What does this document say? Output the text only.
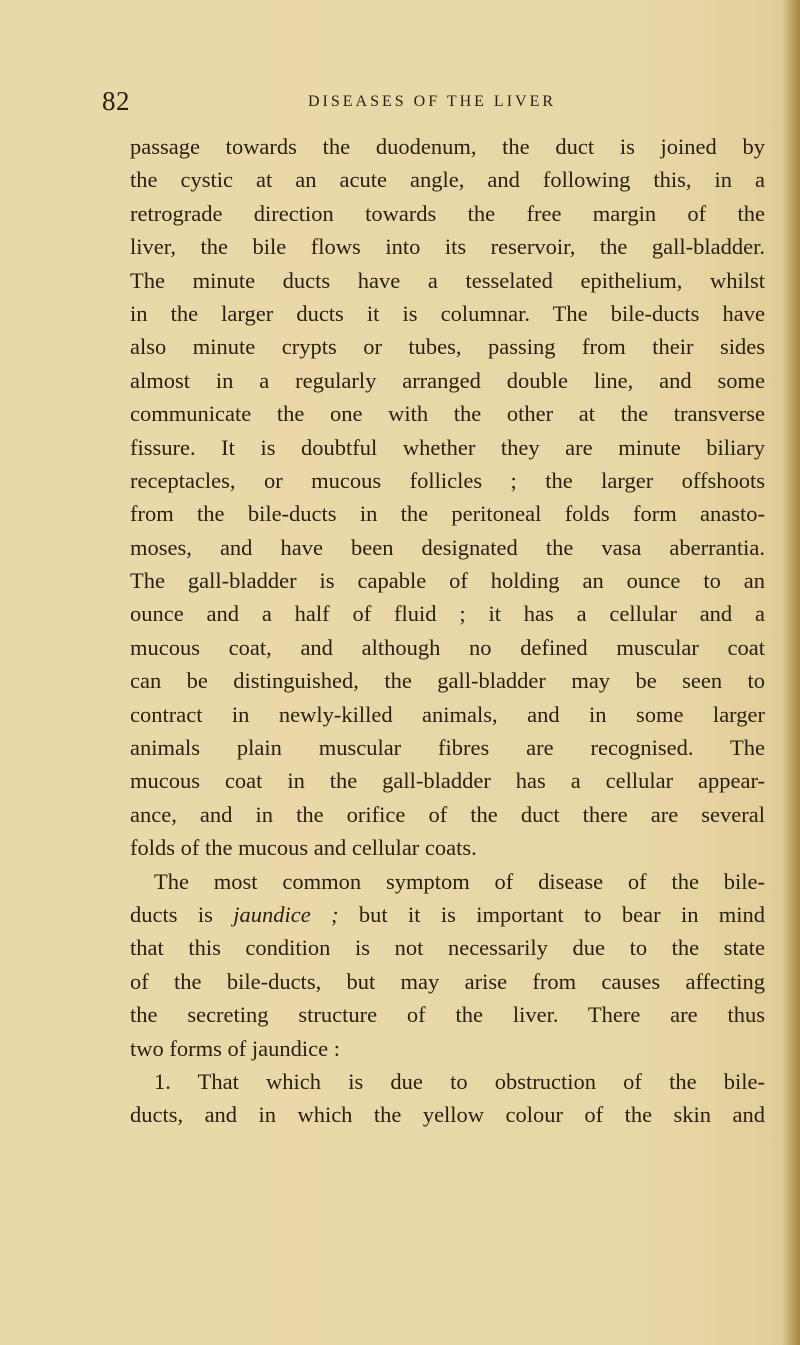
82	DISEASES OF THE LIVER
passage towards the duodenum, the duct is joined by
the cystic at an acute angle, and following this, in a
retrograde direction towards the free margin of the
liver, the bile flows into its reservoir, the gall-bladder.
The minute ducts have a tesselated epithelium, whilst
in the larger ducts it is columnar. The bile-ducts have
also minute crypts or tubes, passing from their sides
almost in a regularly arranged double line, and some
communicate the one with the other at the transverse
fissure. It is doubtful whether they are minute biliary
receptacles, or mucous follicles ; the larger offshoots
from the bile-ducts in the peritoneal folds form anasto-
moses, and have been designated the vasa aberrantia.
The gall-bladder is capable of holding an ounce to an
ounce and a half of fluid ; it has a cellular and a
mucous coat, and although no defined muscular coat
can be distinguished, the gall-bladder may be seen to
contract in newly-killed animals, and in some larger
animals plain muscular fibres are recognised. The
mucous coat in the gall-bladder has a cellular appear-
ance, and in the orifice of the duct there are several
folds of the mucous and cellular coats.
The most common symptom of disease of the bile-
ducts is jaundice ; but it is important to bear in mind
that this condition is not necessarily due to the state
of the bile-ducts, but may arise from causes affecting
the secreting structure of the liver. There are thus
two forms of jaundice :
1. That which is due to obstruction of the bile-
ducts, and in which the yellow colour of the skin and
